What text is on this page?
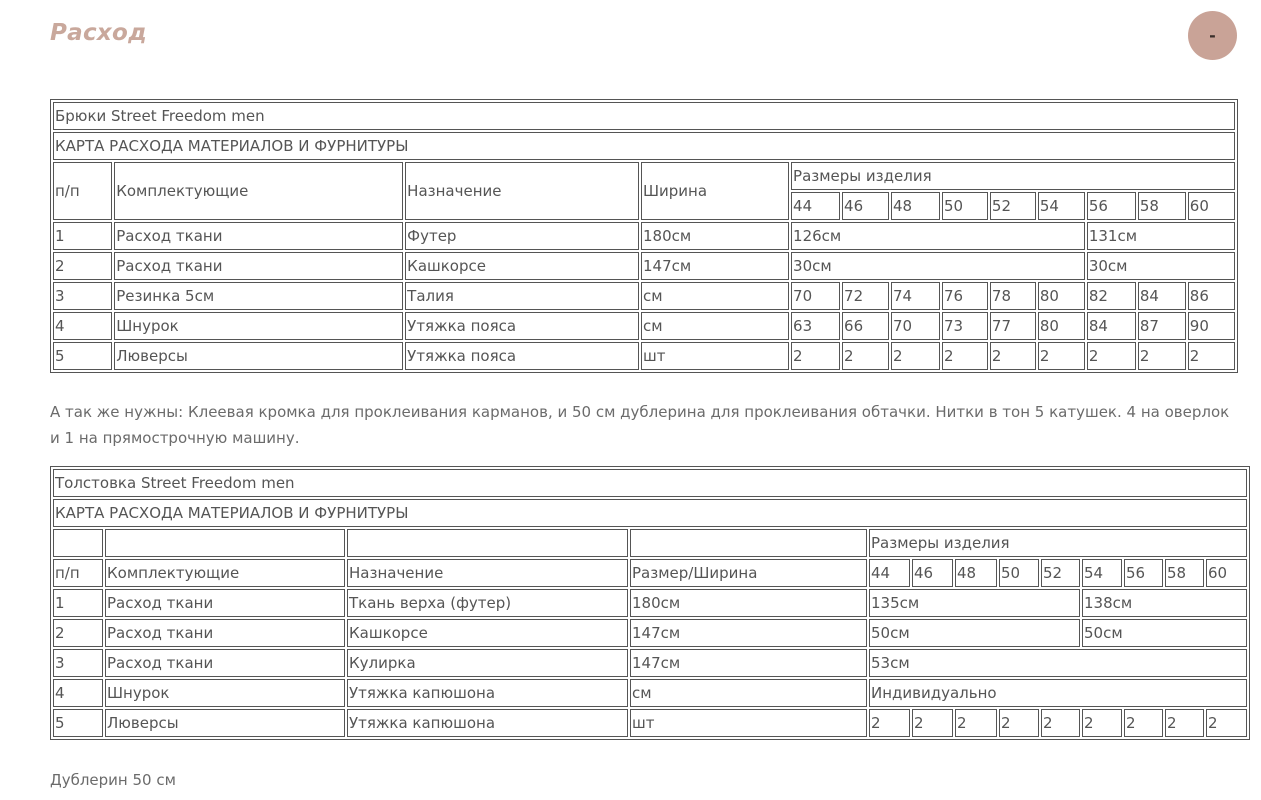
Расход	-
Брюки Street Freedom men												
КАРТА РАСХОДА МАТЕРИАЛОВ И ФУРНИТУРЫ												
п/п	Комплектующие	Назначение	Ширина	Размеры изделия								
				44	46	48	50	52	54	56	58	60
1	Расход ткани	Футер	180см	126см						131см		
2	Расход ткани	Кашкорсе	147см	30см						30см		
3	Резинка 5см	Талия	см	70	72	74	76	78	80	82	84	86
4	Шнурок	Утяжка пояса	см	63	66	70	73	77	80	84	87	90
5	Люверсы	Утяжка пояса	шт	2	2	2	2	2	2	2	2	2

А так же нужны: Клеевая кромка для проклеивания карманов, и 50 см дублерина для проклеивания обтачки. Нитки в тон 5 катушек. 4 на оверлок и 1 на прямострочную машину.

Толстовка Street Freedom men												
КАРТА РАСХОДА МАТЕРИАЛОВ И ФУРНИТУРЫ												
				Размеры изделия								
п/п	Комплектующие	Назначение	Размер/Ширина	44	46	48	50	52	54	56	58	60
1	Расход ткани	Ткань верха (футер)	180см	135см					138см			
2	Расход ткани	Кашкорсе	147см	50см					50см			
3	Расход ткани	Кулирка	147см	53см								
4	Шнурок	Утяжка капюшона	см	Индивидуально								
5	Люверсы	Утяжка капюшона	шт	2	2	2	2	2	2	2	2	2

Дублерин 50 см
